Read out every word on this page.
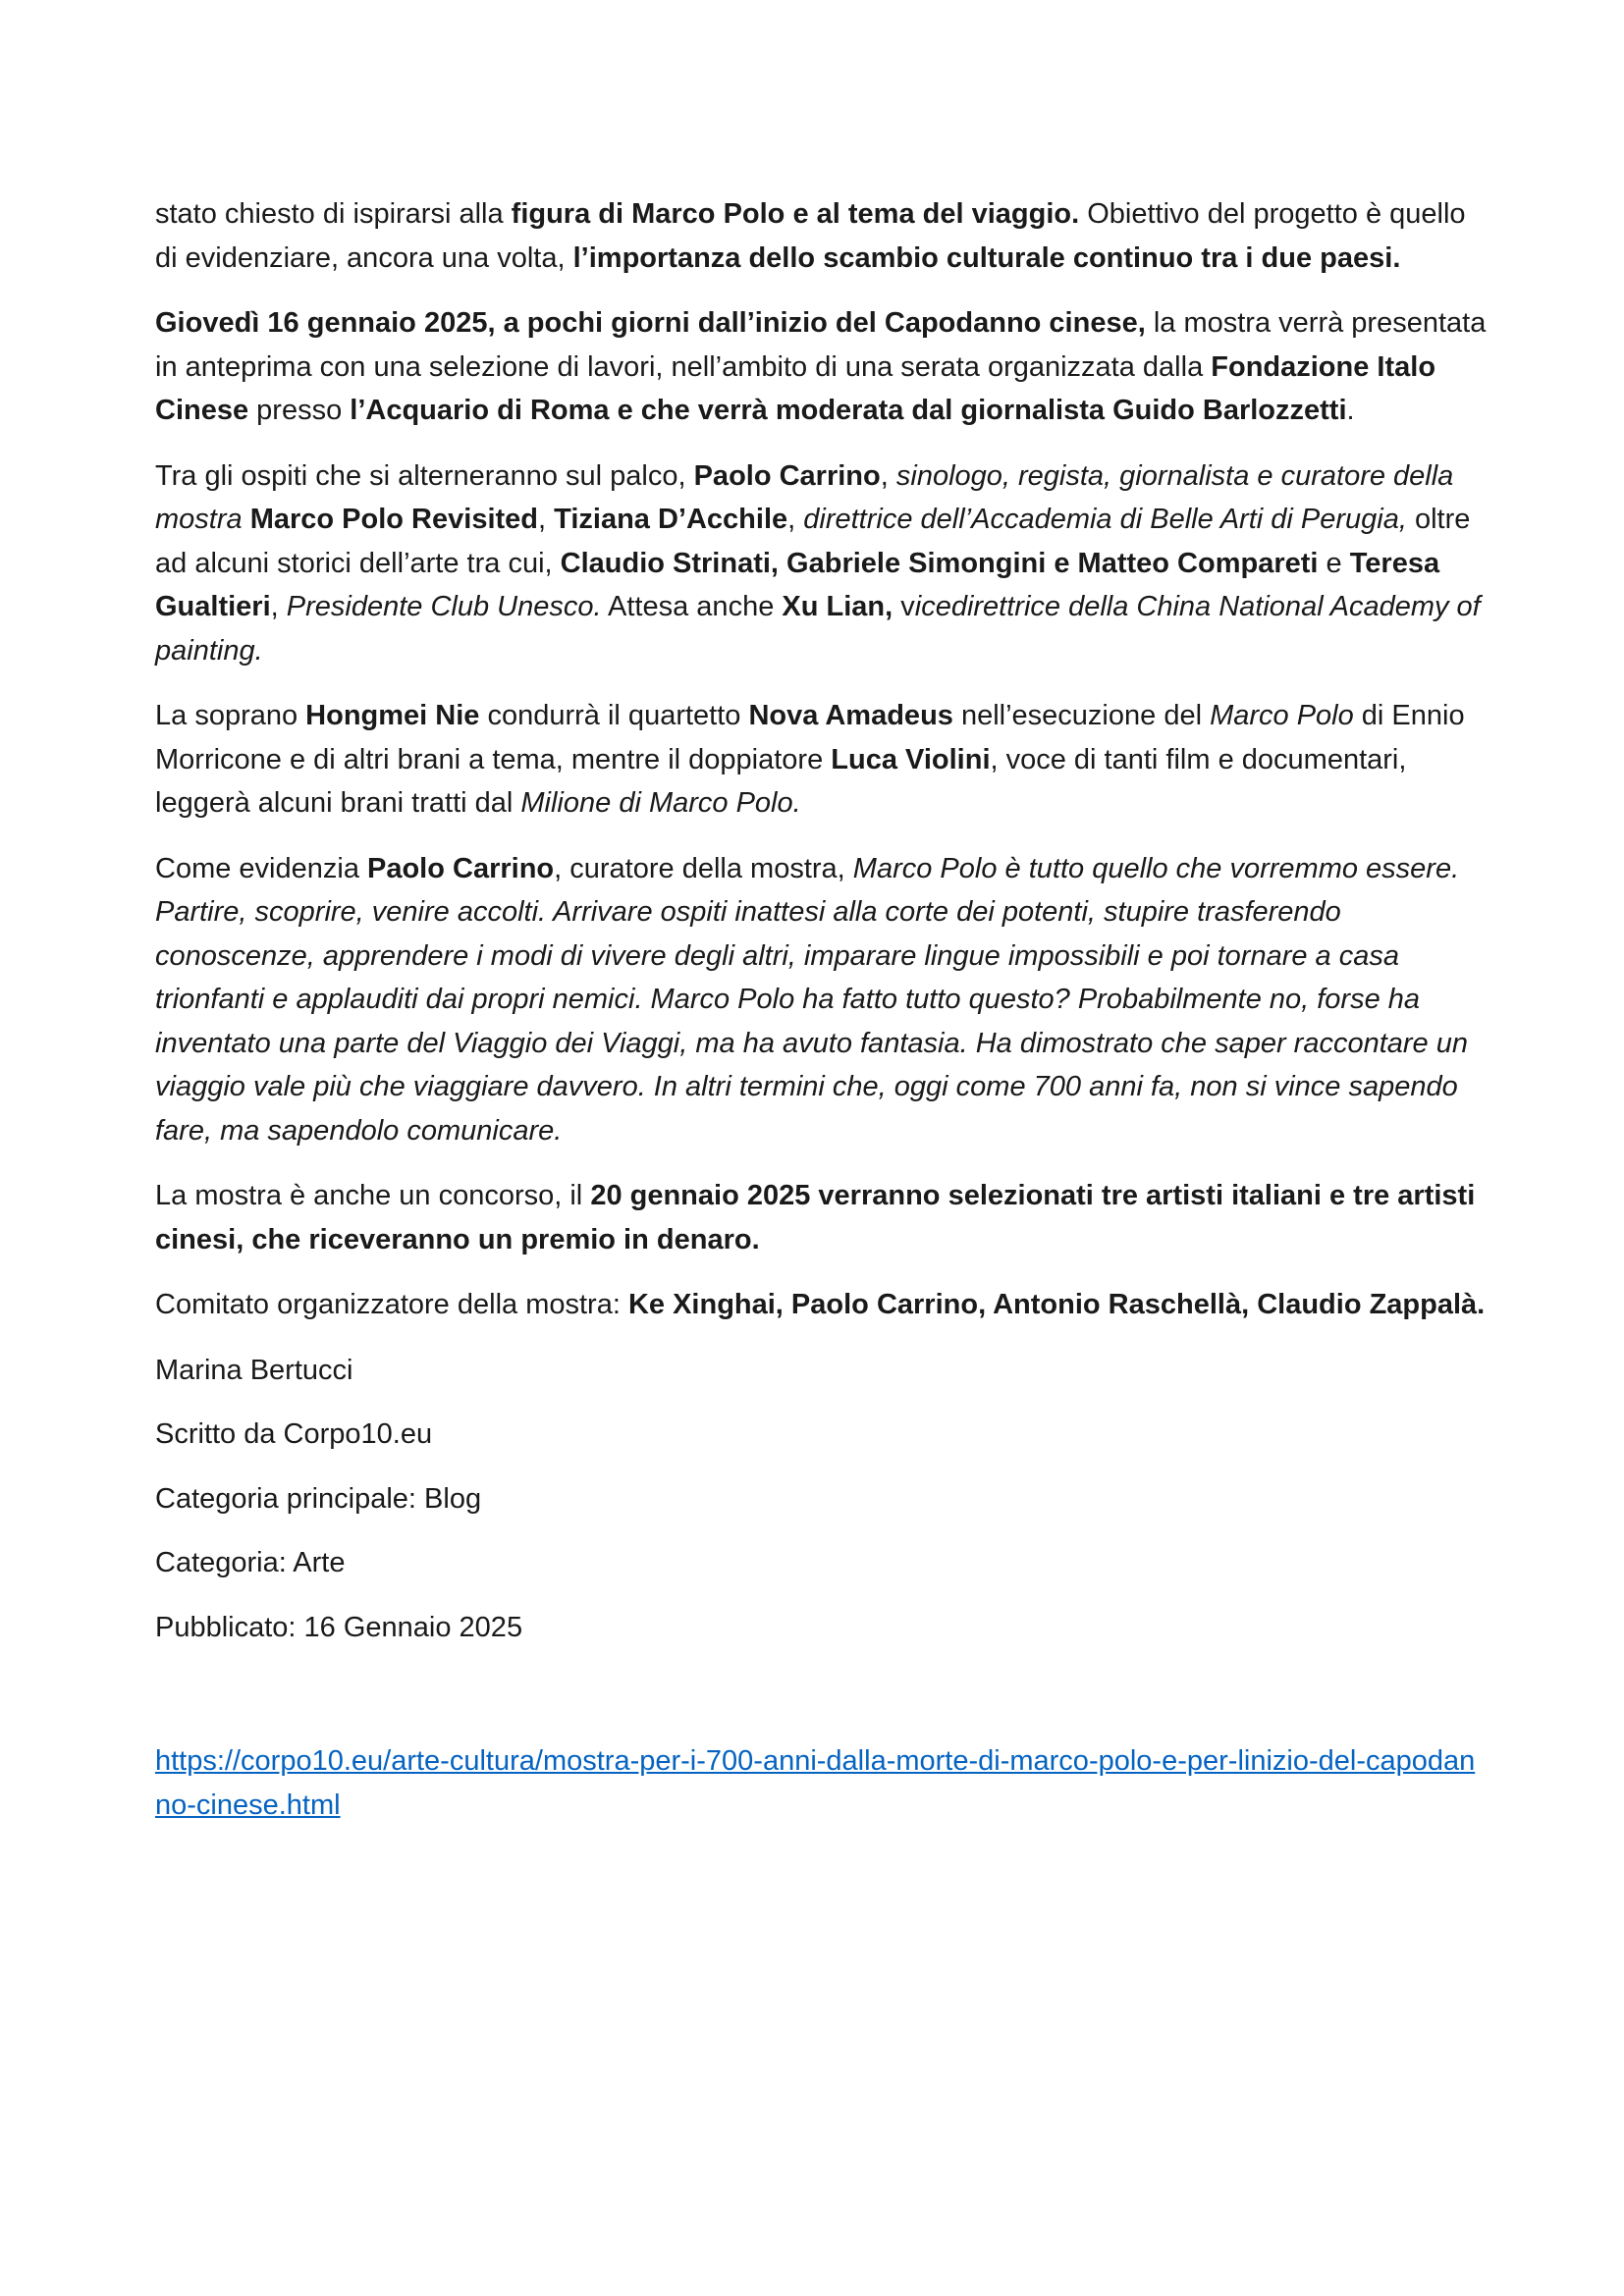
stato chiesto di ispirarsi alla figura di Marco Polo e al tema del viaggio. Obiettivo del progetto è quello di evidenziare, ancora una volta, l’importanza dello scambio culturale continuo tra i due paesi.

Giovedì 16 gennaio 2025, a pochi giorni dall’inizio del Capodanno cinese, la mostra verrà presentata in anteprima con una selezione di lavori, nell’ambito di una serata organizzata dalla Fondazione Italo Cinese presso l’Acquario di Roma e che verrà moderata dal giornalista Guido Barlozzetti.

Tra gli ospiti che si alterneranno sul palco, Paolo Carrino, sinologo, regista, giornalista e curatore della mostra Marco Polo Revisited, Tiziana D’Acchile, direttrice dell’Accademia di Belle Arti di Perugia, oltre ad alcuni storici dell’arte tra cui, Claudio Strinati, Gabriele Simongini e Matteo Compareti e Teresa Gualtieri, Presidente Club Unesco. Attesa anche Xu Lian, vicedirettrice della China National Academy of painting.

La soprano Hongmei Nie condurrà il quartetto Nova Amadeus nell’esecuzione del Marco Polo di Ennio Morricone e di altri brani a tema, mentre il doppiatore Luca Violini, voce di tanti film e documentari, leggerà alcuni brani tratti dal Milione di Marco Polo.

Come evidenzia Paolo Carrino, curatore della mostra, Marco Polo è tutto quello che vorremmo essere. Partire, scoprire, venire accolti. Arrivare ospiti inattesi alla corte dei potenti, stupire trasferendo conoscenze, apprendere i modi di vivere degli altri, imparare lingue impossibili e poi tornare a casa trionfanti e applauditi dai propri nemici. Marco Polo ha fatto tutto questo? Probabilmente no, forse ha inventato una parte del Viaggio dei Viaggi, ma ha avuto fantasia. Ha dimostrato che saper raccontare un viaggio vale più che viaggiare davvero. In altri termini che, oggi come 700 anni fa, non si vince sapendo fare, ma sapendolo comunicare.

La mostra è anche un concorso, il 20 gennaio 2025 verranno selezionati tre artisti italiani e tre artisti cinesi, che riceveranno un premio in denaro.

Comitato organizzatore della mostra: Ke Xinghai, Paolo Carrino, Antonio Raschellà, Claudio Zappalà.

Marina Bertucci

Scritto da Corpo10.eu

Categoria principale: Blog

Categoria: Arte

Pubblicato: 16 Gennaio 2025

https://corpo10.eu/arte-cultura/mostra-per-i-700-anni-dalla-morte-di-marco-polo-e-per-linizio-del-capodanno-cinese.html
